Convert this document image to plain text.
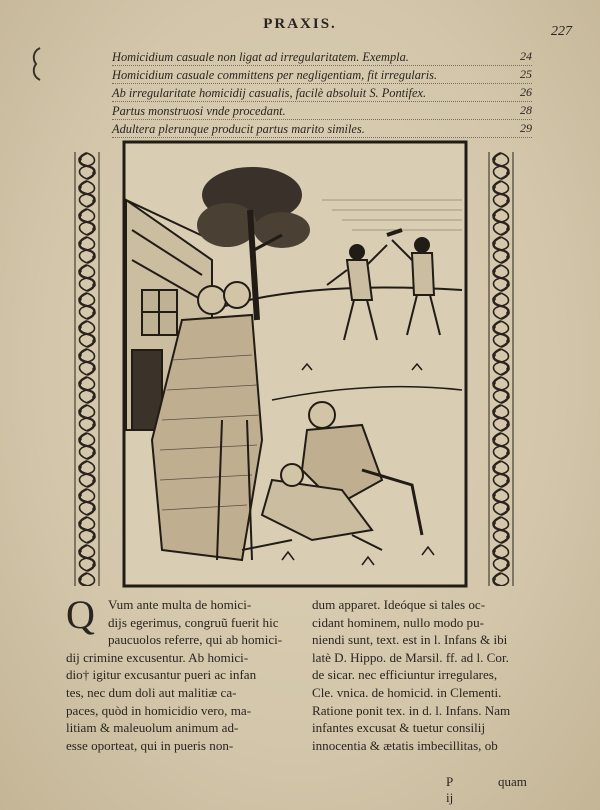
PRAXIS.	227
Homicidium casuale non ligat ad irregularitatem. Exempla.	24
Homicidium casuale committens per negligentiam, fit irregularis.	25
Ab irregularitate homicidij casualis, facilè absoluit S. Pontifex.	26
Partus monstruosi vnde procedant.	28
Adultera plerunque producit partus marito similes.	29
Q	Vum ante multa de homici-
dijs egerimus, congruũ fuerit hic
paucuolos referre, qui ab homici-
dij crimine excusentur. Ab homici-
dio† igitur excusantur pueri ac infan
tes, nec dum doli aut malitiæ ca-
paces, quòd in homicidio vero, ma-
litiam & maleuolum animum ad-
esse oporteat, qui in pueris non-
dum apparet. Ideóque si tales oc-
cidant hominem, nullo modo pu-
niendi sunt, text. est in l. Infans & ibi
latè D. Hippo. de Marsil. ff. ad l. Cor.
de sicar. nec efficiuntur irregulares,
Cle. vnica. de homicid. in Clementi.
Ratione ponit tex. in d. l. Infans. Nam
infantes excusat & tuetur consilij
innocentia & ætatis imbecillitas, ob
P ij
quam
